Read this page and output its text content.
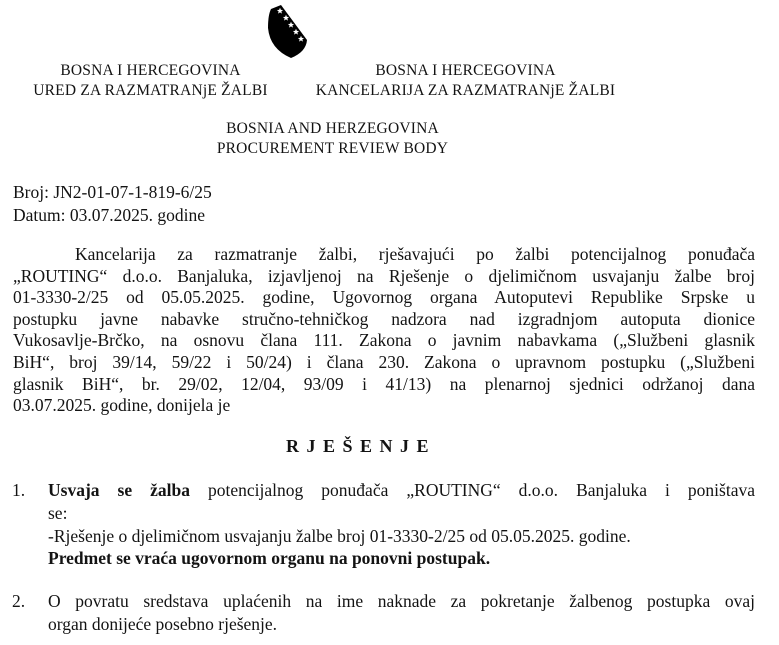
BOSNA I HERCEGOVINA
URED ZA RAZMATRANjE ŽALBI
BOSNA I HERCEGOVINA
KANCELARIJA ZA RAZMATRANjE ŽALBI
BOSNIA AND HERZEGOVINA
PROCUREMENT REVIEW BODY
Broj: JN2-01-07-1-819-6/25
Datum: 03.07.2025. godine
Kancelarija za razmatranje žalbi, rješavajući po žalbi potencijalnog ponuđača
„ROUTING“ d.o.o. Banjaluka, izjavljenoj na Rješenje o djelimičnom usvajanju žalbe broj
01-3330-2/25 od 05.05.2025. godine, Ugovornog organa Autoputevi Republike Srpske u
postupku javne nabavke stručno-tehničkog nadzora nad izgradnjom autoputa dionice
Vukosavlje-Brčko, na osnovu člana 111. Zakona o javnim nabavkama („Službeni glasnik
BiH“, broj 39/14, 59/22 i 50/24) i člana 230. Zakona o upravnom postupku („Službeni
glasnik BiH“, br. 29/02, 12/04, 93/09 i 41/13) na plenarnoj sjednici održanoj dana
03.07.2025. godine, donijela je
R J E Š E N J E
1. Usvaja se žalba potencijalnog ponuđača „ROUTING“ d.o.o. Banjaluka i poništava
se:
-Rješenje o djelimičnom usvajanju žalbe broj 01-3330-2/25 od 05.05.2025. godine.
Predmet se vraća ugovornom organu na ponovni postupak.
2. O povratu sredstava uplaćenih na ime naknade za pokretanje žalbenog postupka ovaj
organ donijeće posebno rješenje.
